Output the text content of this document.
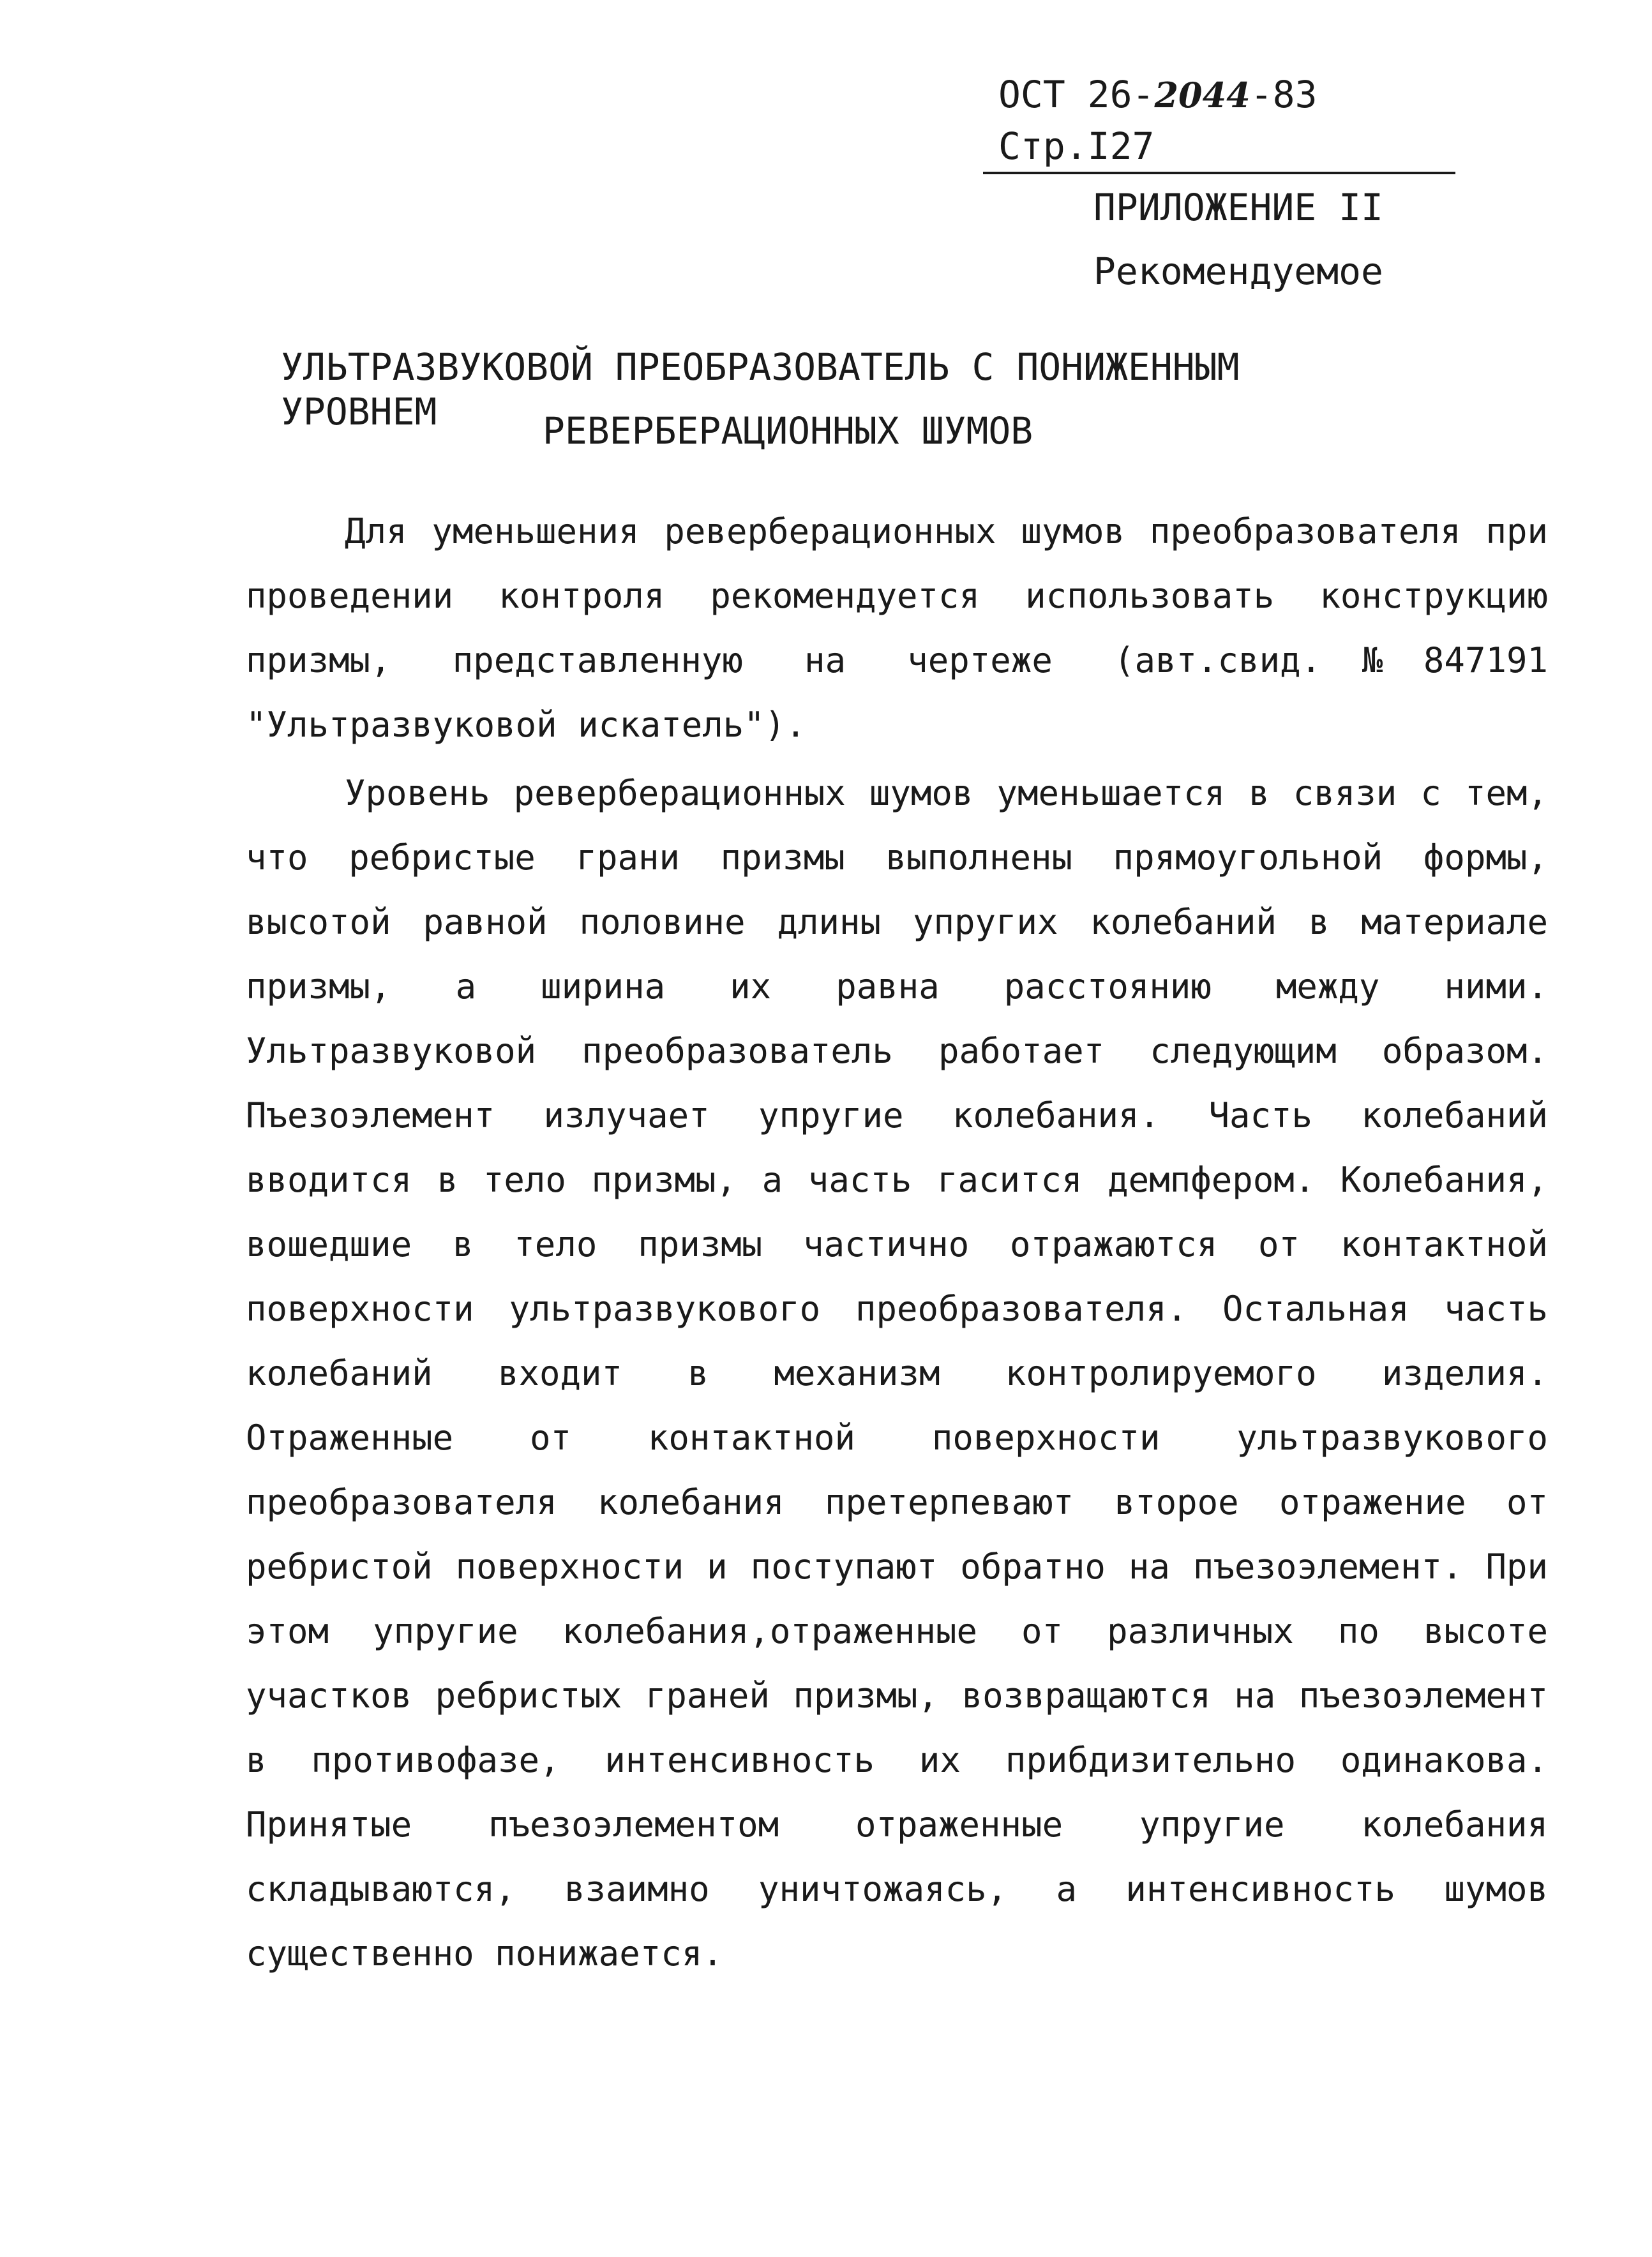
ОСТ 26-2044-83 Стр.I27
ПРИЛОЖЕНИЕ II
Рекомендуемое
УЛЬТРАЗВУКОВОЙ ПРЕОБРАЗОВАТЕЛЬ С ПОНИЖЕННЫМ УРОВНЕМ	РЕВЕРБЕРАЦИОННЫХ ШУМОВ
Для уменьшения реверберационных шумов преобразователя при проведении контроля рекомендуется использовать конструкцию призмы, представленную на чертеже (авт.свид.№847191 "Ультразвуковой искатель").
Уровень реверберационных шумов уменьшается в связи с тем, что ребристые грани призмы выполнены прямоугольной формы, высотой равной половине длины упругих колебаний в материале призмы, а ширина их равна расстоянию между ними. Ультразвуковой преобразователь работает следующим образом. Пъезоэлемент излучает упругие колебания. Часть колебаний вводится в тело призмы, а часть гасится демпфером. Колебания, вошедшие в тело призмы частично отражаются от контактной поверхности ультразвукового преобразователя. Остальная часть колебаний входит в механизм контролируемого изделия. Отраженные от контактной поверхности ультразвукового преобразователя колебания претерпевают второе отражение от ребристой поверхности и поступают обратно на пъезоэлемент. При этом упругие колебания,отраженные от различных по высоте участков ребристых граней призмы, возвращаются на пъезоэлемент в противофазе, интенсивность их прибдизительно одинакова. Принятые пъезоэлементом отраженные упругие колебания складываются, взаимно уничтожаясь, а интенсивность шумов существенно понижается.
